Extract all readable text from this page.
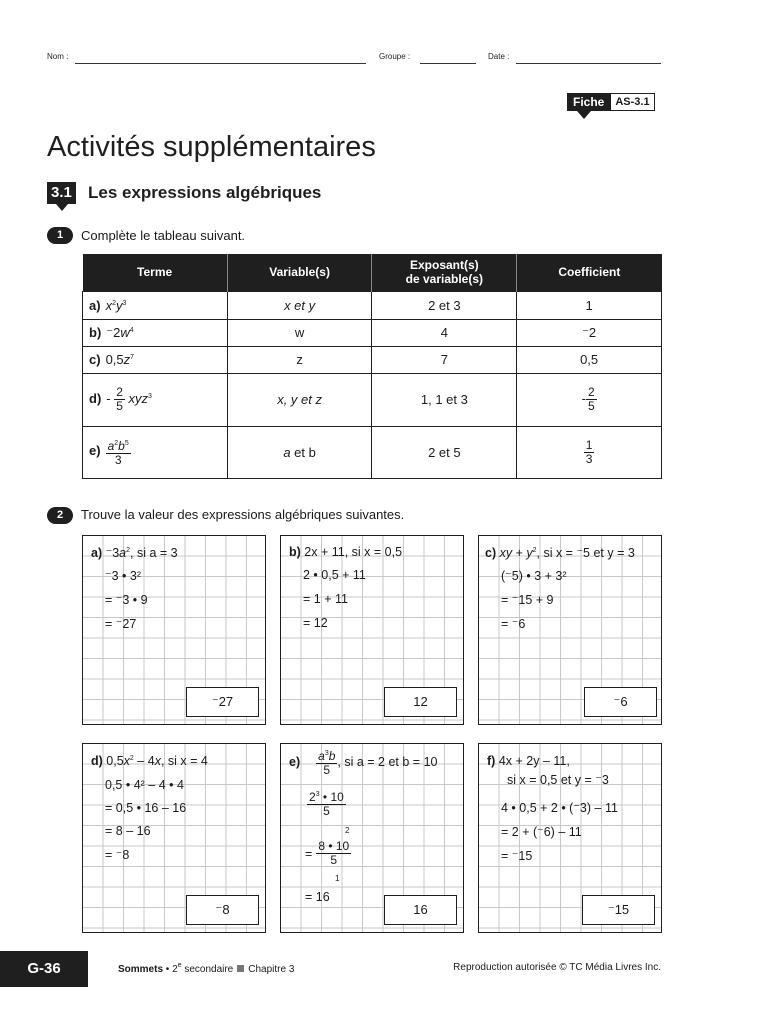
Nom :	Groupe :	Date :
Fiche	AS-3.1
Activités supplémentaires
3.1 Les expressions algébriques
1	Complète le tableau suivant.
Terme	Variable(s)	Exposant(s)
de variable(s)	Coefficient
a) $x^2y^3$	x et y	2 et 3	1
b) $^-2w^4$	w	4	⁻2
c) $0,5z^7$	z	7	0,5
$d) - \frac{2}{5} xyz^3$	x, y et z	1, 1 et 3	- $\frac{2}{5}$

$e) \frac{a^2b^5}{3}$	a et b	2 et 5	$\frac{1}{3}$
2	Trouve la valeur des expressions algébriques suivantes.
a) $^-3a^2$, si a = 3
⁻3 • 3²
= ⁻3 • 9
= ⁻27
⁻27
b) 2x + 11, si x = 0,5
2 • 0,5 + 11
= 1 + 11
= 12
12
c) xy + $y^2$, si x = ⁻5 et y = 3
(⁻5) • 3 + 3²
= ⁻15 + 9
= ⁻6
⁻6
d) $0,5x^2 - 4x$, si x = 4
0,5 • 4² – 4 • 4
= 0,5 • 16 – 16
= 8 – 16
= ⁻8
⁻8
$e) \frac{a^3b}{5}$ , si a = 2 et b = 10
$\frac{2^3 • 10}{5}$
2
= $\frac{8 • 10}{5}$
1
= 16
16
f) 4x + 2y – 11,
si x = 0,5 et y = ⁻3
4 • 0,5 + 2 • (⁻3) – 11
= 2 + (⁻6) – 11
= ⁻15
⁻15
G-36	Sommets • 2e secondaire Chapitre 3	Reproduction autorisée © TC Média Livres Inc.
